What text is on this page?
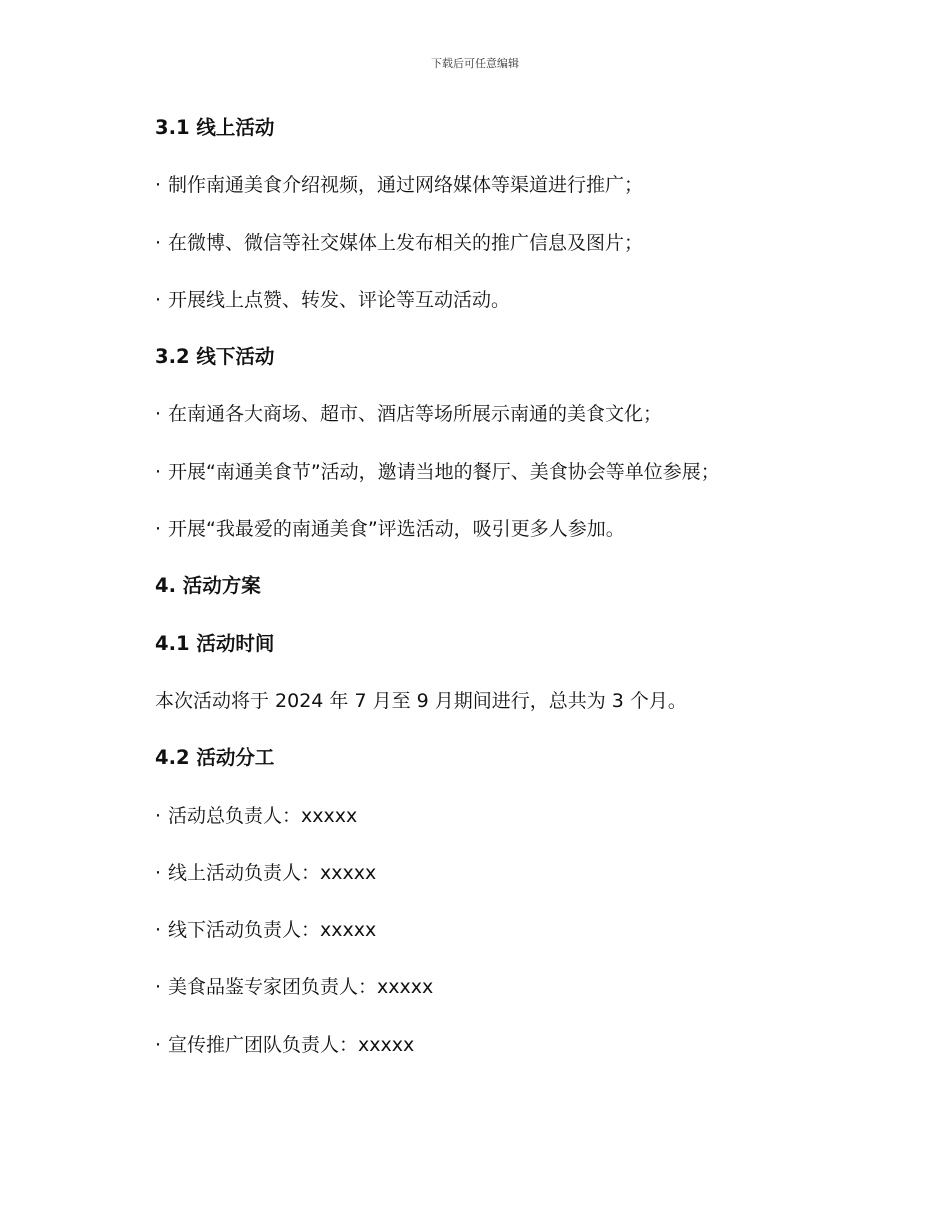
下载后可任意编辑
3.1 线上活动
· 制作南通美食介绍视频，通过网络媒体等渠道进行推广；
· 在微博、微信等社交媒体上发布相关的推广信息及图片；
· 开展线上点赞、转发、评论等互动活动。
3.2 线下活动
· 在南通各大商场、超市、酒店等场所展示南通的美食文化；
· 开展“南通美食节”活动，邀请当地的餐厅、美食协会等单位参展；
· 开展“我最爱的南通美食”评选活动，吸引更多人参加。
4. 活动方案
4.1 活动时间
本次活动将于 2024 年 7 月至 9 月期间进行，总共为 3 个月。
4.2 活动分工
· 活动总负责人：xxxxx
· 线上活动负责人：xxxxx
· 线下活动负责人：xxxxx
· 美食品鉴专家团负责人：xxxxx
· 宣传推广团队负责人：xxxxx
